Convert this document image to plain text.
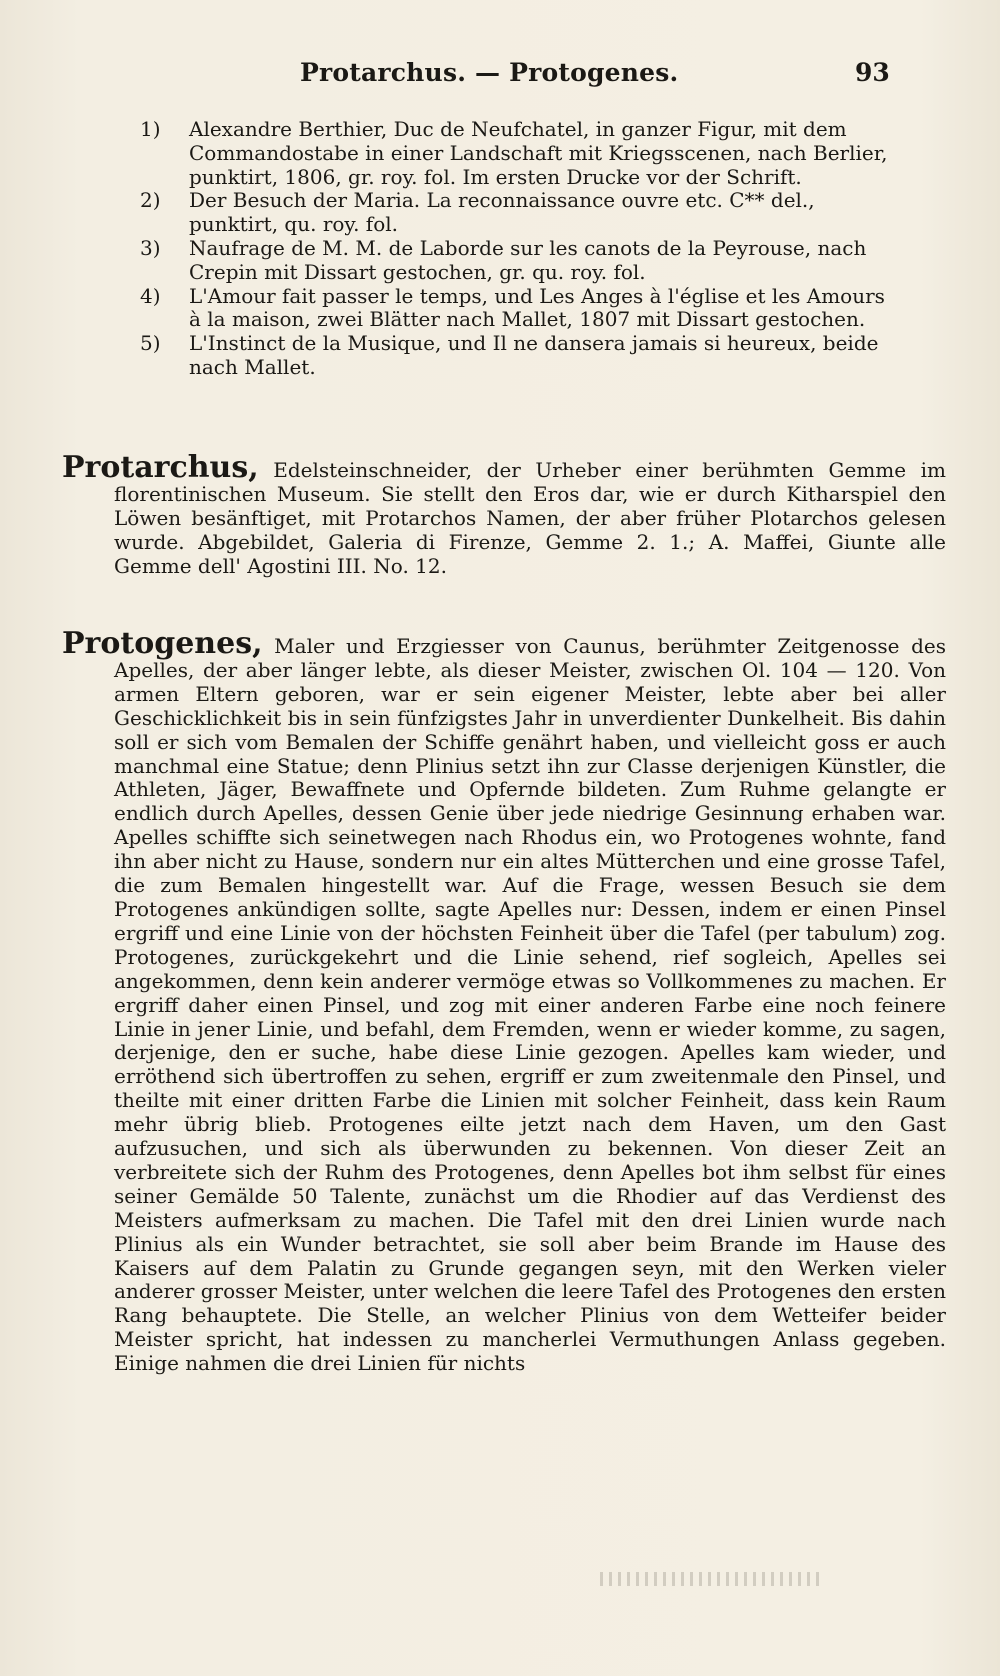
Protarchus. — Protogenes.	93

1) Alexandre Berthier, Duc de Neufchatel, in ganzer Figur, mit dem Commandostabe in einer Landschaft mit Kriegsscenen, nach Berlier, punktirt, 1806, gr. roy. fol. Im ersten Drucke vor der Schrift.

2) Der Besuch der Maria. La reconnaissance ouvre etc. C** del., punktirt, qu. roy. fol.

3) Naufrage de M. M. de Laborde sur les canots de la Peyrouse, nach Crepin mit Dissart gestochen, gr. qu. roy. fol.

4) L'Amour fait passer le temps, und Les Anges à l'église et les Amours à la maison, zwei Blätter nach Mallet, 1807 mit Dissart gestochen.

5) L'Instinct de la Musique, und Il ne dansera jamais si heureux, beide nach Mallet.

Protarchus, Edelsteinschneider, der Urheber einer berühmten Gemme im florentinischen Museum. Sie stellt den Eros dar, wie er durch Kitharspiel den Löwen besänftiget, mit Protarchos Namen, der aber früher Plotarchos gelesen wurde. Abgebildet, Galeria di Firenze, Gemme 2. 1.; A. Maffei, Giunte alle Gemme dell' Agostini III. No. 12.

Protogenes, Maler und Erzgiesser von Caunus, berühmter Zeitgenosse des Apelles, der aber länger lebte, als dieser Meister, zwischen Ol. 104 — 120. Von armen Eltern geboren, war er sein eigener Meister, lebte aber bei aller Geschicklichkeit bis in sein fünfzigstes Jahr in unverdienter Dunkelheit. Bis dahin soll er sich vom Bemalen der Schiffe genährt haben, und vielleicht goss er auch manchmal eine Statue; denn Plinius setzt ihn zur Classe derjenigen Künstler, die Athleten, Jäger, Bewaffnete und Opfernde bildeten. Zum Ruhme gelangte er endlich durch Apelles, dessen Genie über jede niedrige Gesinnung erhaben war. Apelles schiffte sich seinetwegen nach Rhodus ein, wo Protogenes wohnte, fand ihn aber nicht zu Hause, sondern nur ein altes Mütterchen und eine grosse Tafel, die zum Bemalen hingestellt war. Auf die Frage, wessen Besuch sie dem Protogenes ankündigen sollte, sagte Apelles nur: Dessen, indem er einen Pinsel ergriff und eine Linie von der höchsten Feinheit über die Tafel (per tabulum) zog. Protogenes, zurückgekehrt und die Linie sehend, rief sogleich, Apelles sei angekommen, denn kein anderer vermöge etwas so Vollkommenes zu machen. Er ergriff daher einen Pinsel, und zog mit einer anderen Farbe eine noch feinere Linie in jener Linie, und befahl, dem Fremden, wenn er wieder komme, zu sagen, derjenige, den er suche, habe diese Linie gezogen. Apelles kam wieder, und erröthend sich übertroffen zu sehen, ergriff er zum zweitenmale den Pinsel, und theilte mit einer dritten Farbe die Linien mit solcher Feinheit, dass kein Raum mehr übrig blieb. Protogenes eilte jetzt nach dem Haven, um den Gast aufzusuchen, und sich als überwunden zu bekennen. Von dieser Zeit an verbreitete sich der Ruhm des Protogenes, denn Apelles bot ihm selbst für eines seiner Gemälde 50 Talente, zunächst um die Rhodier auf das Verdienst des Meisters aufmerksam zu machen. Die Tafel mit den drei Linien wurde nach Plinius als ein Wunder betrachtet, sie soll aber beim Brande im Hause des Kaisers auf dem Palatin zu Grunde gegangen seyn, mit den Werken vieler anderer grosser Meister, unter welchen die leere Tafel des Protogenes den ersten Rang behauptete. Die Stelle, an welcher Plinius von dem Wetteifer beider Meister spricht, hat indessen zu mancherlei Vermuthungen Anlass gegeben. Einige nahmen die drei Linien für nichts
